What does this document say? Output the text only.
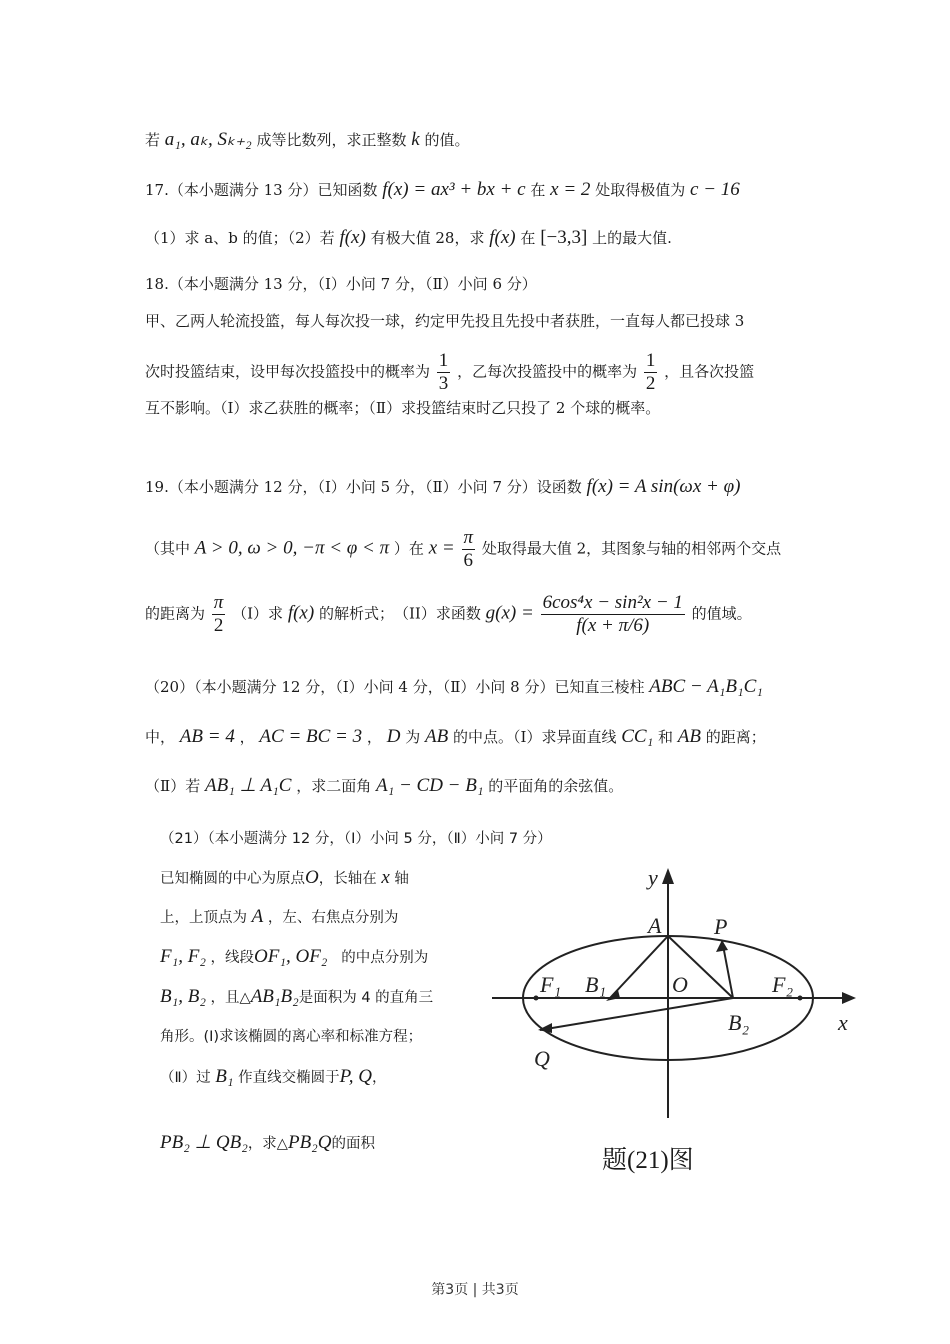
若 a₁, aₖ, Sₖ₊₂ 成等比数列，求正整数 k 的值。
17.（本小题满分 13 分）已知函数 f(x) = ax³ + bx + c 在 x = 2 处取得极值为 c − 16
（1）求 a、b 的值；（2）若 f(x) 有极大值 28，求 f(x) 在 [−3,3] 上的最大值.
18.（本小题满分 13 分，（Ⅰ）小问 7 分，（Ⅱ）小问 6 分）
甲、乙两人轮流投篮，每人每次投一球，约定甲先投且先投中者获胜，一直每人都已投球 3
次时投篮结束，设甲每次投篮投中的概率为 $\frac{1}{3}$ ，乙每次投篮投中的概率为 $\frac{1}{2}$ ，且各次投篮
互不影响。（Ⅰ）求乙获胜的概率；（Ⅱ）求投篮结束时乙只投了 2 个球的概率。
19.（本小题满分 12 分，（Ⅰ）小问 5 分，（Ⅱ）小问 7 分）设函数 f(x) = A sin(ωx + φ)
（其中 A > 0, ω > 0, −π < φ < π ）在 $x = \frac{\pi}{6}$ 处取得最大值 2，其图象与轴的相邻两个交点
的距离为 $\frac{\pi}{2} (I)$求 f(x) 的解析式；　（II）求函数 $g(x) = \frac{\text{6cos⁴x − sin²x − 1}}{f(x + \pi/6)}$ 的值域。
（20）（本小题满分 12 分，（Ⅰ）小问 4 分，（Ⅱ）小问 8 分）已知直三棱柱 ABC − A₁B₁C₁
中， AB = 4 ， AC = BC = 3 ， D 为 AB 的中点。（Ⅰ）求异面直线 CC₁ 和 AB 的距离；
（Ⅱ）若 AB₁ ⊥ A₁C ，求二面角 A₁ − CD − B₁ 的平面角的余弦值。
（21）（本小题满分 12 分，（Ⅰ）小问 5 分，（Ⅱ）小问 7 分）
已知椭圆的中心为原点O，长轴在 x 轴
上，上顶点为 A ，左、右焦点分别为
F₁, F₂ ，线段OF₁, OF₂ 的中点分别为
B₁, B₂ ，且△AB₁B₂是面积为 4 的直角三
角形。(Ⅰ)求该椭圆的离心率和标准方程；
（Ⅱ）过 B₁ 作直线交椭圆于P, Q，
PB₂ ⊥ QB₂，求△PB₂Q的面积
y
x
A P
O
F₁	F₂
B₁
B₂
Q
题(21)图
第3页 | 共3页
